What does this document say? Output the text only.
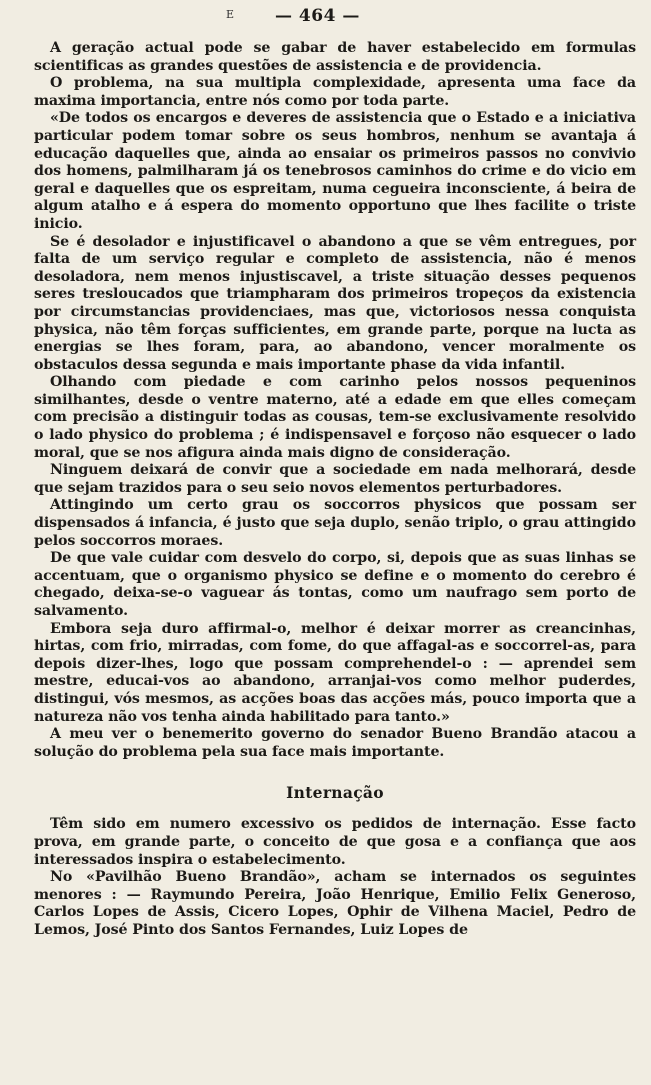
E — 464 —

A geração actual pode se gabar de haver estabelecido em formulas scientificas as grandes questões de assistencia e de providencia.

O problema, na sua multipla complexidade, apresenta uma face da maxima importancia, entre nós como por toda parte.

«De todos os encargos e deveres de assistencia que o Estado e a iniciativa particular podem tomar sobre os seus hombros, nenhum se avantaja á educação daquelles que, ainda ao ensaiar os primeiros passos no convivio dos homens, palmilharam já os tenebrosos caminhos do crime e do vicio em geral e daquelles que os espreitam, numa cegueira inconsciente, á beira de algum atalho e á espera do momento opportuno que lhes facilite o triste inicio.

Se é desolador e injustificavel o abandono a que se vêm entregues, por falta de um serviço regular e completo de assistencia, não é menos desoladora, nem menos injustiscavel, a triste situação desses pequenos seres tresloucados que triampharam dos primeiros tropeços da existencia por circumstancias providenciaes, mas que, victoriosos nessa conquista physica, não têm forças sufficientes, em grande parte, porque na lucta as energias se lhes foram, para, ao abandono, vencer moralmente os obstaculos dessa segunda e mais importante phase da vida infantil.

Olhando com piedade e com carinho pelos nossos pequeninos similhantes, desde o ventre materno, até a edade em que elles começam com precisão a distinguir todas as cousas, tem-se exclusivamente resolvido o lado physico do problema ; é indispensavel e forçoso não esquecer o lado moral, que se nos afigura ainda mais digno de consideração.

Ninguem deixará de convir que a sociedade em nada melhorará, desde que sejam trazidos para o seu seio novos elementos perturbadores.

Attingindo um certo grau os soccorros physicos que possam ser dispensados á infancia, é justo que seja duplo, senão triplo, o grau attingido pelos soccorros moraes.

De que vale cuidar com desvelo do corpo, si, depois que as suas linhas se accentuam, que o organismo physico se define e o momento do cerebro é chegado, deixa-se-o vaguear ás tontas, como um naufrago sem porto de salvamento.

Embora seja duro affirmal-o, melhor é deixar morrer as creancinhas, hirtas, com frio, mirradas, com fome, do que affagal-as e soccorrel-as, para depois dizer-lhes, logo que possam comprehendel-o : — aprendei sem mestre, educai-vos ao abandono, arranjai-vos como melhor puderdes, distingui, vós mesmos, as acções boas das acções más, pouco importa que a natureza não vos tenha ainda habilitado para tanto.»

A meu ver o benemerito governo do senador Bueno Brandão atacou a solução do problema pela sua face mais importante.

Internação

Têm sido em numero excessivo os pedidos de internação. Esse facto prova, em grande parte, o conceito de que gosa e a confiança que aos interessados inspira o estabelecimento.

No «Pavilhão Bueno Brandão», acham se internados os seguintes menores : — Raymundo Pereira, João Henrique, Emilio Felix Generoso, Carlos Lopes de Assis, Cicero Lopes, Ophir de Vilhena Maciel, Pedro de Lemos, José Pinto dos Santos Fernandes, Luiz Lopes de
